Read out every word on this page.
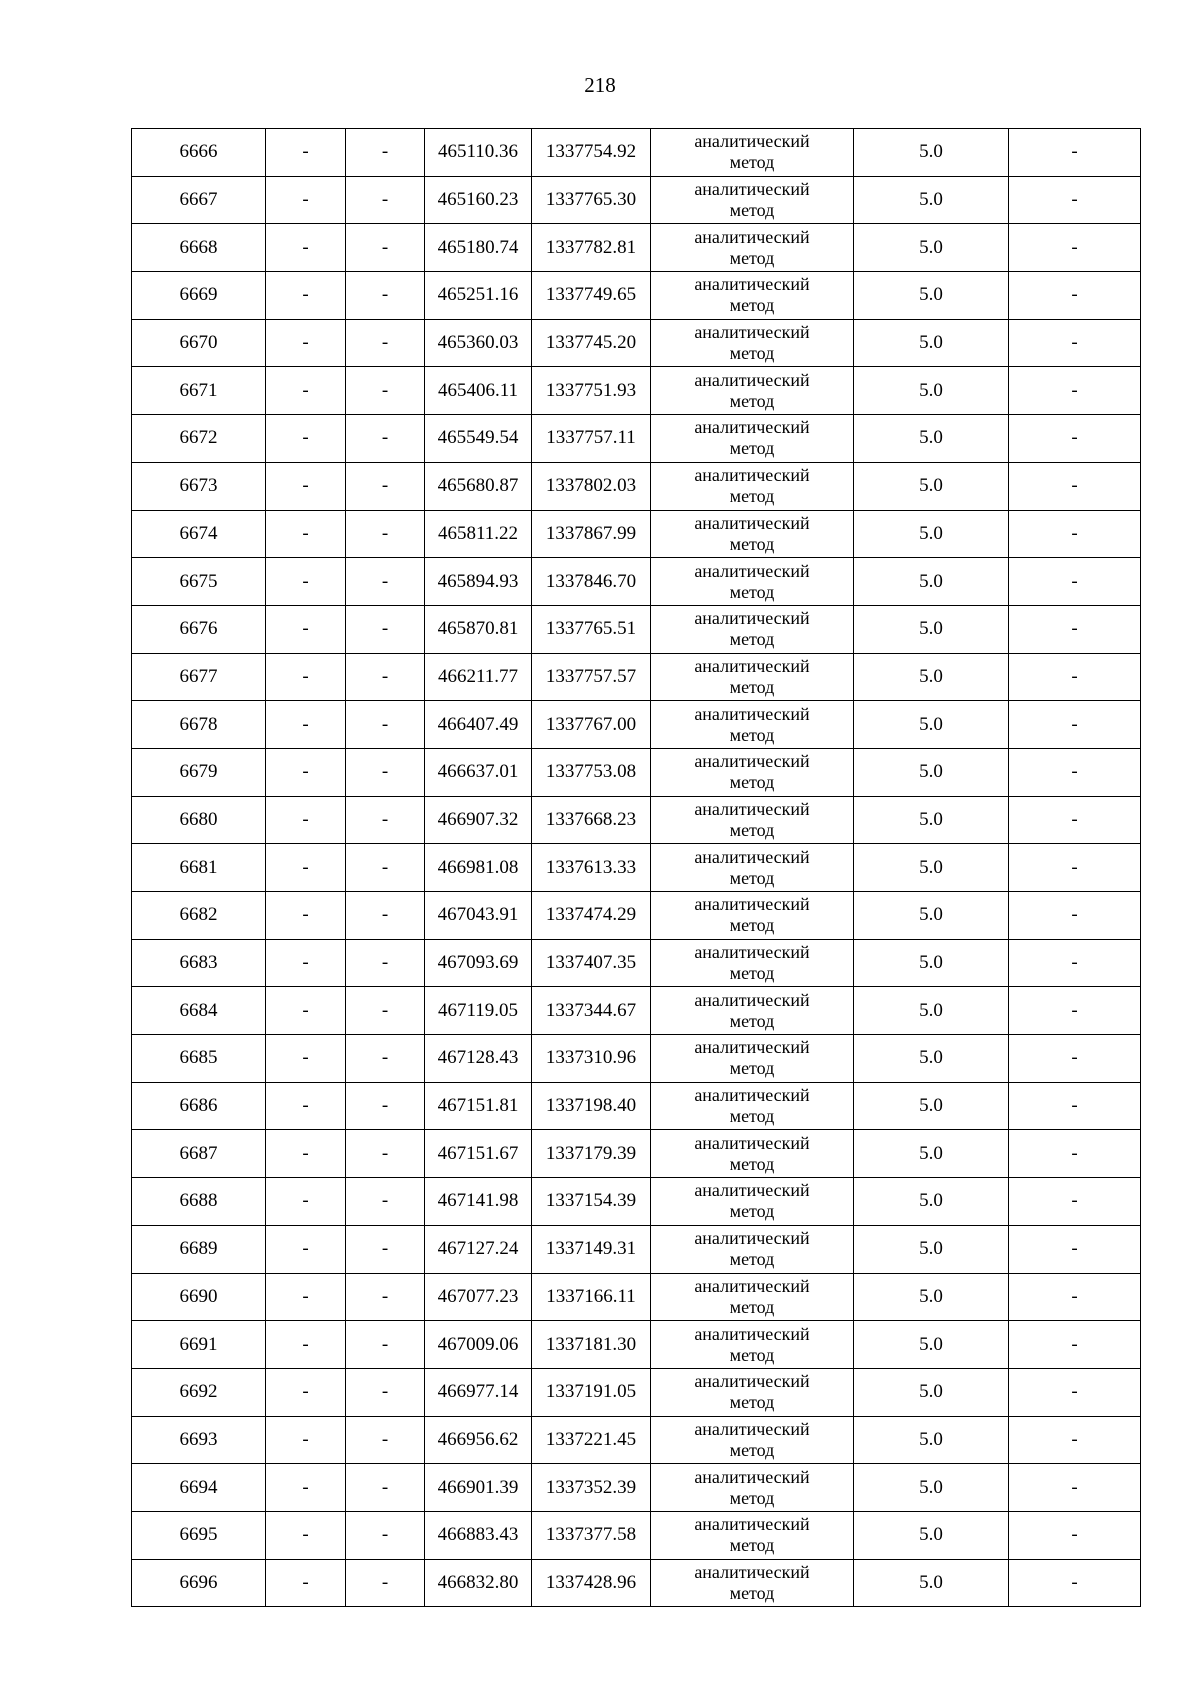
218
6666	-	-	465110.36	1337754.92	аналитический
метод	5.0	-
6667	-	-	465160.23	1337765.30	аналитический
метод	5.0	-
6668	-	-	465180.74	1337782.81	аналитический
метод	5.0	-
6669	-	-	465251.16	1337749.65	аналитический
метод	5.0	-
6670	-	-	465360.03	1337745.20	аналитический
метод	5.0	-
6671	-	-	465406.11	1337751.93	аналитический
метод	5.0	-
6672	-	-	465549.54	1337757.11	аналитический
метод	5.0	-
6673	-	-	465680.87	1337802.03	аналитический
метод	5.0	-
6674	-	-	465811.22	1337867.99	аналитический
метод	5.0	-
6675	-	-	465894.93	1337846.70	аналитический
метод	5.0	-
6676	-	-	465870.81	1337765.51	аналитический
метод	5.0	-
6677	-	-	466211.77	1337757.57	аналитический
метод	5.0	-
6678	-	-	466407.49	1337767.00	аналитический
метод	5.0	-
6679	-	-	466637.01	1337753.08	аналитический
метод	5.0	-
6680	-	-	466907.32	1337668.23	аналитический
метод	5.0	-
6681	-	-	466981.08	1337613.33	аналитический
метод	5.0	-
6682	-	-	467043.91	1337474.29	аналитический
метод	5.0	-
6683	-	-	467093.69	1337407.35	аналитический
метод	5.0	-
6684	-	-	467119.05	1337344.67	аналитический
метод	5.0	-
6685	-	-	467128.43	1337310.96	аналитический
метод	5.0	-
6686	-	-	467151.81	1337198.40	аналитический
метод	5.0	-
6687	-	-	467151.67	1337179.39	аналитический
метод	5.0	-
6688	-	-	467141.98	1337154.39	аналитический
метод	5.0	-
6689	-	-	467127.24	1337149.31	аналитический
метод	5.0	-
6690	-	-	467077.23	1337166.11	аналитический
метод	5.0	-
6691	-	-	467009.06	1337181.30	аналитический
метод	5.0	-
6692	-	-	466977.14	1337191.05	аналитический
метод	5.0	-
6693	-	-	466956.62	1337221.45	аналитический
метод	5.0	-
6694	-	-	466901.39	1337352.39	аналитический
метод	5.0	-
6695	-	-	466883.43	1337377.58	аналитический
метод	5.0	-
6696	-	-	466832.80	1337428.96	аналитический
метод	5.0	-
